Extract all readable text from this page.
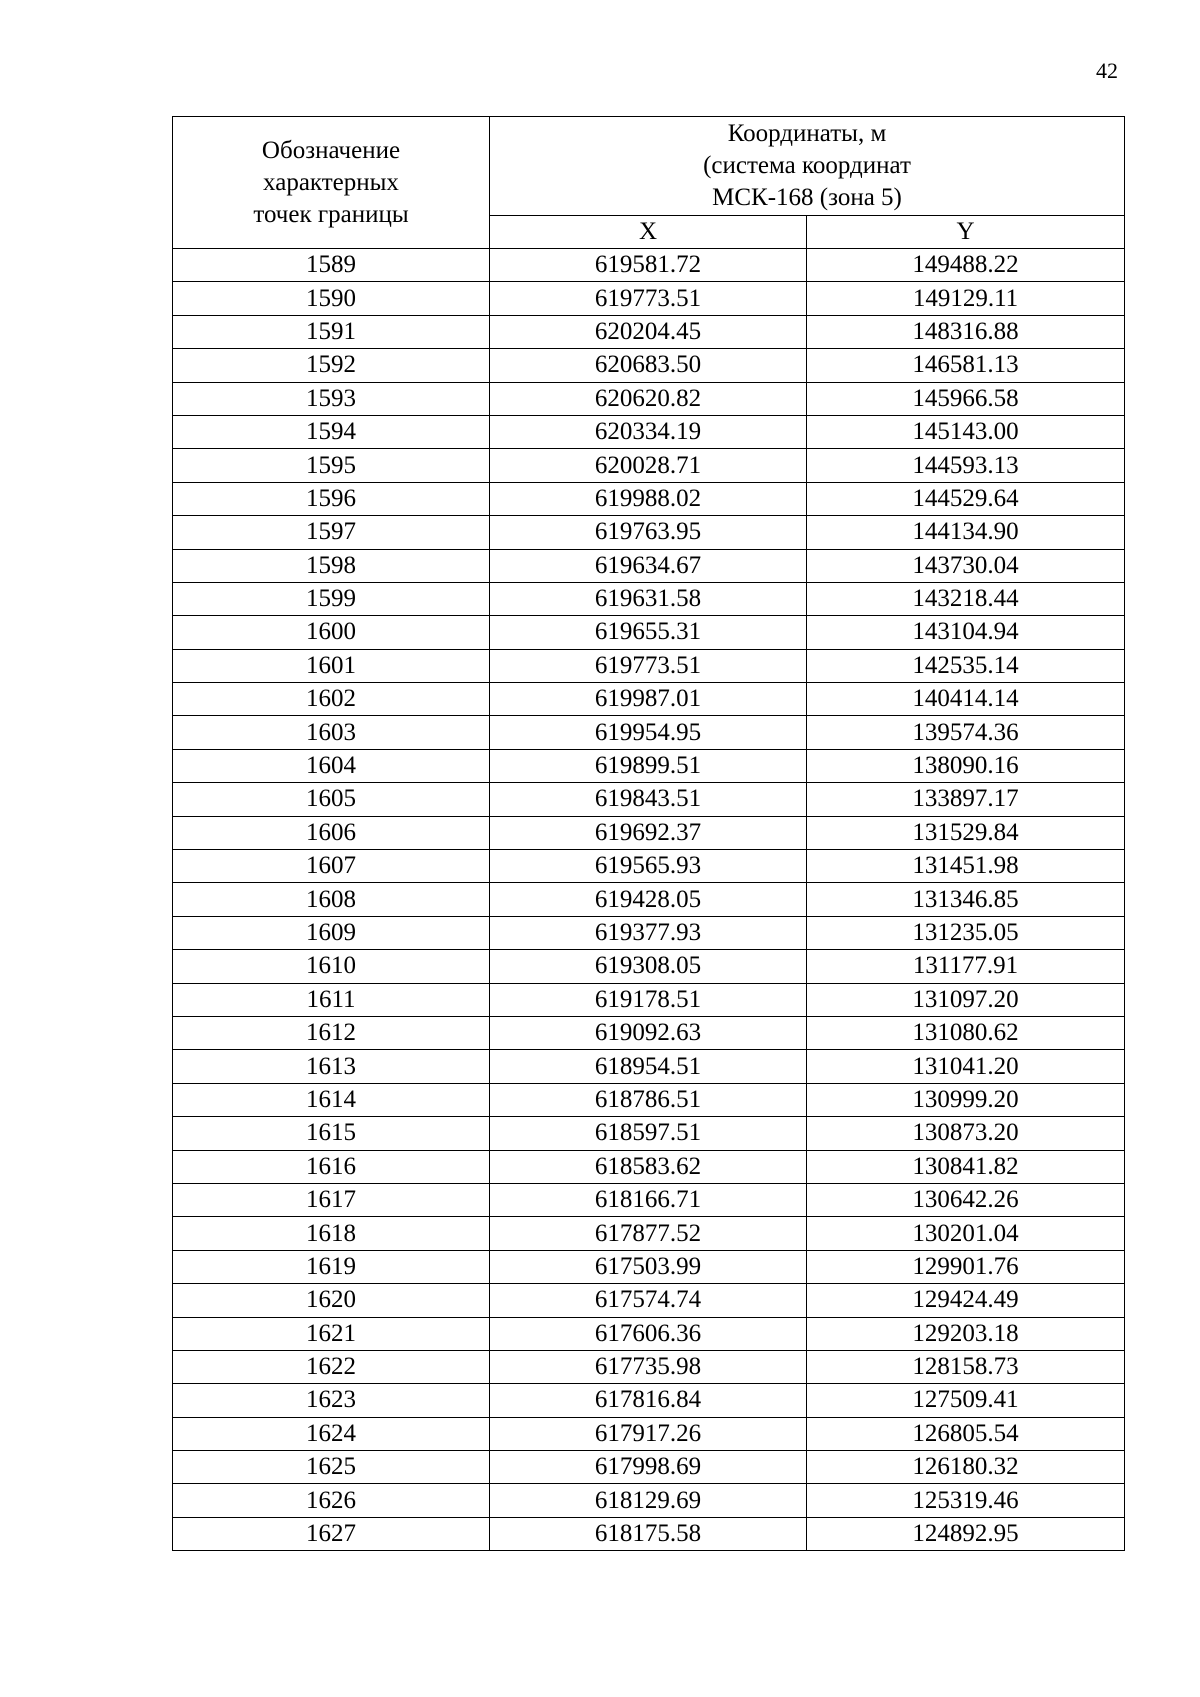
42
Обозначение
характерных
точек границы	Координаты, м
(система координат
МСК-168 (зона 5)	

	X	Y
1589	619581.72	149488.22
1590	619773.51	149129.11
1591	620204.45	148316.88
1592	620683.50	146581.13
1593	620620.82	145966.58
1594	620334.19	145143.00
1595	620028.71	144593.13
1596	619988.02	144529.64
1597	619763.95	144134.90
1598	619634.67	143730.04
1599	619631.58	143218.44
1600	619655.31	143104.94
1601	619773.51	142535.14
1602	619987.01	140414.14
1603	619954.95	139574.36
1604	619899.51	138090.16
1605	619843.51	133897.17
1606	619692.37	131529.84
1607	619565.93	131451.98
1608	619428.05	131346.85
1609	619377.93	131235.05
1610	619308.05	131177.91
1611	619178.51	131097.20
1612	619092.63	131080.62
1613	618954.51	131041.20
1614	618786.51	130999.20
1615	618597.51	130873.20
1616	618583.62	130841.82
1617	618166.71	130642.26
1618	617877.52	130201.04
1619	617503.99	129901.76
1620	617574.74	129424.49
1621	617606.36	129203.18
1622	617735.98	128158.73
1623	617816.84	127509.41
1624	617917.26	126805.54
1625	617998.69	126180.32
1626	618129.69	125319.46
1627	618175.58	124892.95
